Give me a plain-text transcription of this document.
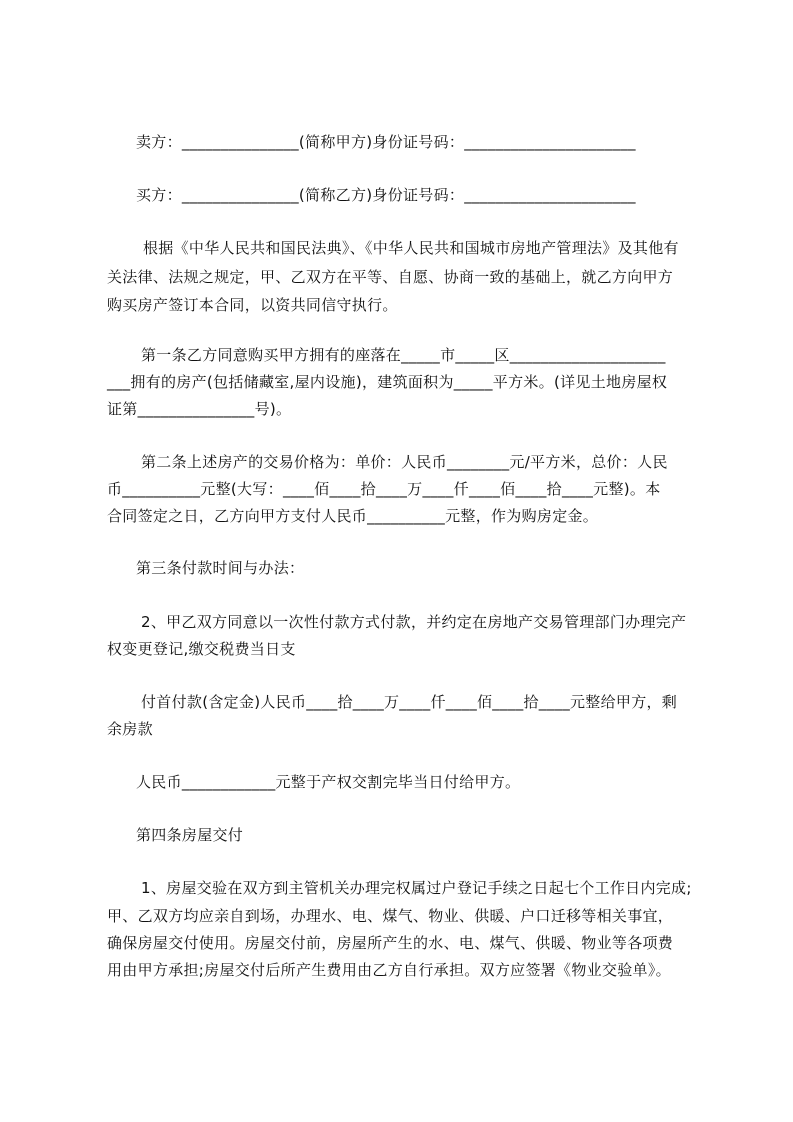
卖方：_______________(简称甲方)身份证号码：______________________
买方：_______________(简称乙方)身份证号码：______________________
根据《中华人民共和国民法典》、《中华人民共和国城市房地产管理法》及其他有
关法律、法规之规定，甲、乙双方在平等、自愿、协商一致的基础上，就乙方向甲方
购买房产签订本合同，以资共同信守执行。
第一条乙方同意购买甲方拥有的座落在_____市_____区____________________
___拥有的房产(包括储藏室,屋内设施)，建筑面积为_____平方米。(详见土地房屋权
证第_______________号)。
第二条上述房产的交易价格为：单价：人民币________元/平方米，总价：人民
币__________元整(大写：____佰____拾____万____仟____佰____拾____元整)。本
合同签定之日，乙方向甲方支付人民币__________元整，作为购房定金。
第三条付款时间与办法：
2、甲乙双方同意以一次性付款方式付款，并约定在房地产交易管理部门办理完产
权变更登记,缴交税费当日支
付首付款(含定金)人民币____拾____万____仟____佰____拾____元整给甲方，剩
余房款
人民币____________元整于产权交割完毕当日付给甲方。
第四条房屋交付
1、房屋交验在双方到主管机关办理完权属过户登记手续之日起七个工作日内完成;
甲、乙双方均应亲自到场，办理水、电、煤气、物业、供暖、户口迁移等相关事宜，
确保房屋交付使用。房屋交付前，房屋所产生的水、电、煤气、供暖、物业等各项费
用由甲方承担;房屋交付后所产生费用由乙方自行承担。双方应签署《物业交验单》。
